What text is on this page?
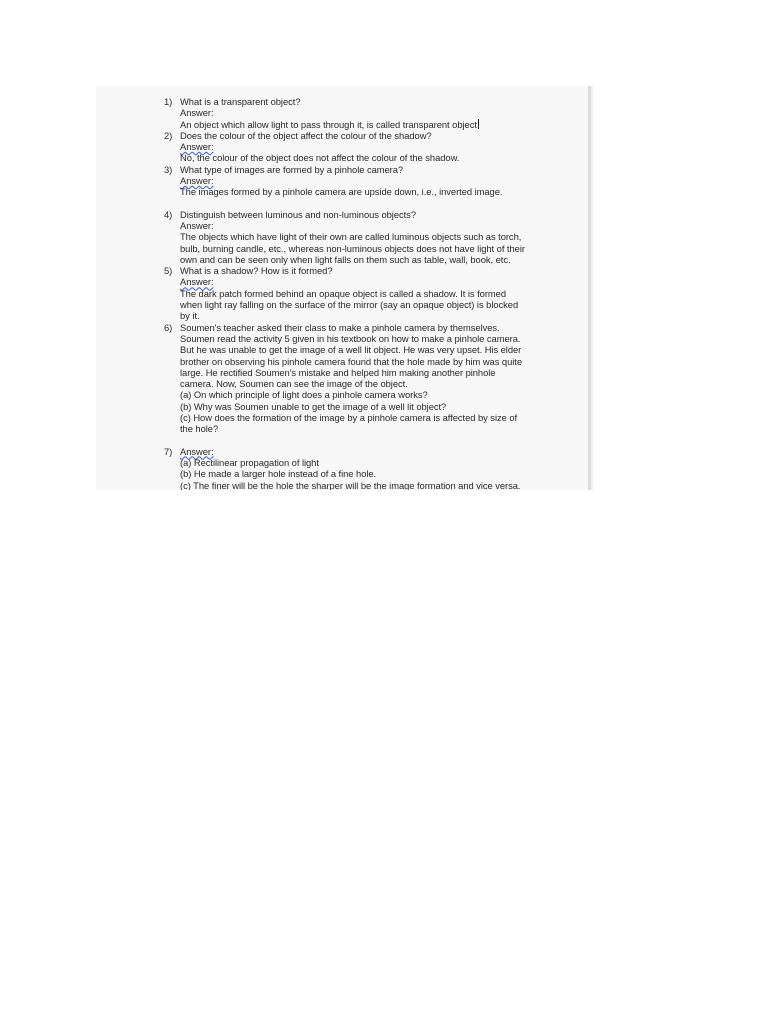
1) What is a transparent object?
Answer:
An object which allow light to pass through it, is called transparent object
2) Does the colour of the object affect the colour of the shadow?
Answer:
No, the colour of the object does not affect the colour of the shadow.
3) What type of images are formed by a pinhole camera?
Answer:
The images formed by a pinhole camera are upside down, i.e., inverted image.
4) Distinguish between luminous and non-luminous objects?
Answer:
The objects which have light of their own are called luminous objects such as torch,
bulb, burning candle, etc., whereas non-luminous objects does not have light of their
own and can be seen only when light falls on them such as table, wall, book, etc.
5) What is a shadow? How is it formed?
Answer:
The dark patch formed behind an opaque object is called a shadow. It is formed
when light ray falling on the surface of the mirror (say an opaque object) is blocked
by it.
6) Soumen's teacher asked their class to make a pinhole camera by themselves.
Soumen read the activity 5 given in his textbook on how to make a pinhole camera.
But he was unable to get the image of a well lit object. He was very upset. His elder
brother on observing his pinhole camera found that the hole made by him was quite
large. He rectified Soumen's mistake and helped him making another pinhole
camera. Now, Soumen can see the image of the object.
(a) On which principle of light does a pinhole camera works?
(b) Why was Soumen unable to get the image of a well lit object?
(c) How does the formation of the image by a pinhole camera is affected by size of
the hole?
7) Answer:
(a) Rectilinear propagation of light
(b) He made a larger hole instead of a fine hole.
(c) The finer will be the hole the sharper will be the image formation and vice versa.
